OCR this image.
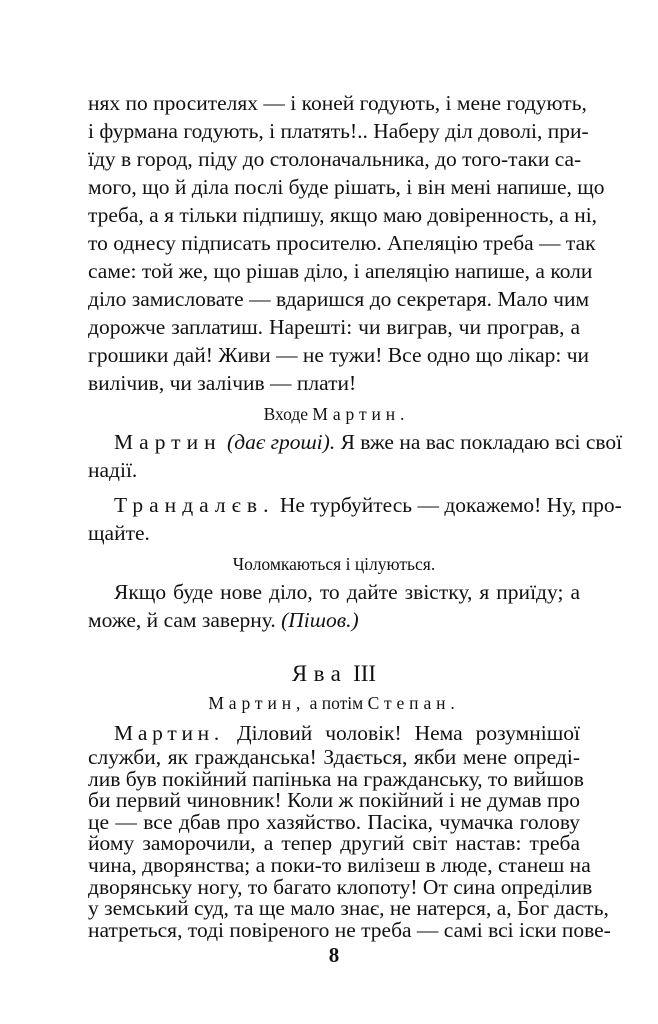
нях по просителях — і коней годують, і мене годують,
і фурмана годують, і платять!.. Наберу діл доволі, при-
їду в город, піду до столоначальника, до того-таки са-
мого, що й діла послі буде рішать, і він мені напише, що
треба, а я тільки підпишу, якщо маю довіренность, а ні,
то однесу підписать просителю. Апеляцію треба — так
саме: той же, що рішав діло, і апеляцію напише, а коли
діло замисловате — вдаришся до секретаря. Мало чим
дорожче заплатиш. Нарешті: чи виграв, чи програв, а
грошики дай! Живи — не тужи! Все одно що лікар: чи
вилічив, чи залічив — плати!
Входе Мартин.
Мартин (дає гроші). Я вже на вас покладаю всі свої
надії.
Трандалєв. Не турбуйтесь — докажемо! Ну, про-
щайте.
Чоломкаються і цілуються.
Якщо буде нове діло, то дайте звістку, я приїду; а
може, й сам заверну. (Пішов.)
Ява III
Мартин, а потім Степан.
Мартин. Діловий чоловік! Нема розумнішої
служби, як гражданська! Здається, якби мене опреді-
лив був покійний папінька на гражданську, то вийшов
би первий чиновник! Коли ж покійний і не думав про
це — все дбав про хазяйство. Пасіка, чумачка голову
йому заморочили, а тепер другий світ настав: треба
чина, дворянства; а поки-то вилізеш в люде, станеш на
дворянську ногу, то багато клопоту! От сина опреділив
у земський суд, та ще мало знає, не натерся, а, Бог дасть,
натреться, тоді повіреного не треба — самі всі іски пове-
8
